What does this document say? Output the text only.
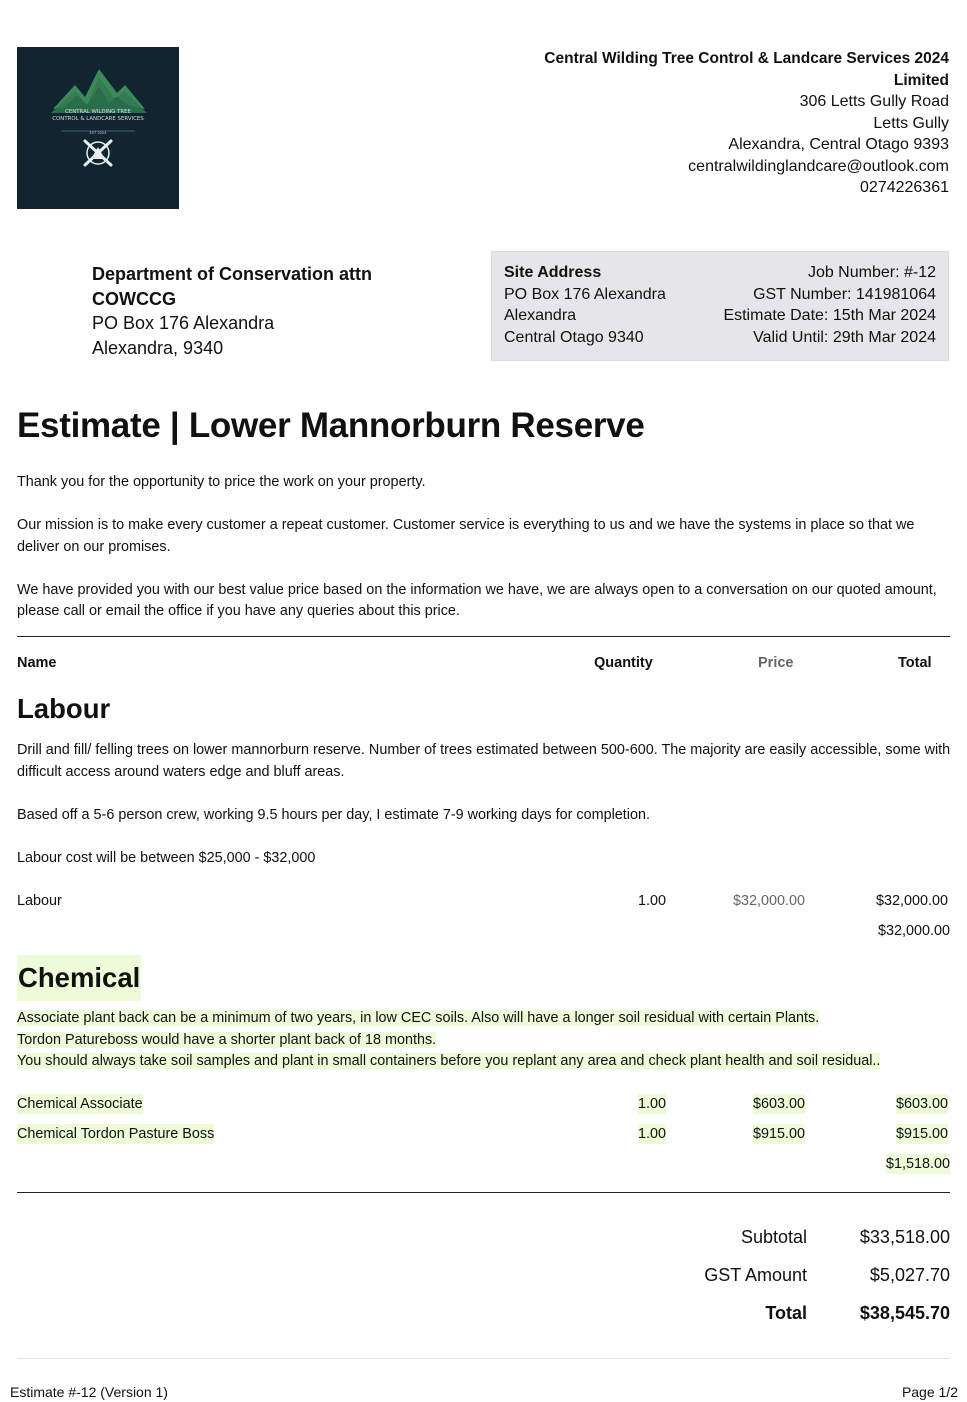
CENTRAL WILDING TREE
CONTROL & LANDCARE SERVICES
EST 2024
Central Wilding Tree Control & Landcare Services 2024 Limited
306 Letts Gully Road
Letts Gully
Alexandra, Central Otago 9393
centralwildinglandcare@outlook.com
0274226361
Department of Conservation attn COWCCG
PO Box 176 Alexandra
Alexandra, 9340
Site Address
PO Box 176 Alexandra
Alexandra
Central Otago 9340
Job Number: #-12
GST Number: 141981064
Estimate Date: 15th Mar 2024
Valid Until: 29th Mar 2024
Estimate | Lower Mannorburn Reserve

Thank you for the opportunity to price the work on your property.

Our mission is to make every customer a repeat customer. Customer service is everything to us and we have the systems in place so that we deliver on our promises.

We have provided you with our best value price based on the information we have, we are always open to a conversation on our quoted amount, please call or email the office if you have any queries about this price.

Name	Quantity	Price	Total
Labour

Drill and fill/ felling trees on lower mannorburn reserve. Number of trees estimated between 500-600. The majority are easily accessible, some with difficult access around waters edge and bluff areas.

Based off a 5-6 person crew, working 9.5 hours per day, I estimate 7-9 working days for completion.

Labour cost will be between $25,000 - $32,000

Labour	1.00	$32,000.00	$32,000.00
$32,000.00
Chemical
Associate plant back can be a minimum of two years, in low CEC soils. Also will have a longer soil residual with certain Plants.
Tordon Patureboss would have a shorter plant back of 18 months.
You should always take soil samples and plant in small containers before you replant any area and check plant health and soil residual..
Chemical Associate	1.00	$603.00	$603.00
Chemical Tordon Pasture Boss	1.00	$915.00	$915.00
$1,518.00
Subtotal	$33,518.00
GST Amount	$5,027.70
Total	$38,545.70
Estimate #-12 (Version 1)	Page 1/2
